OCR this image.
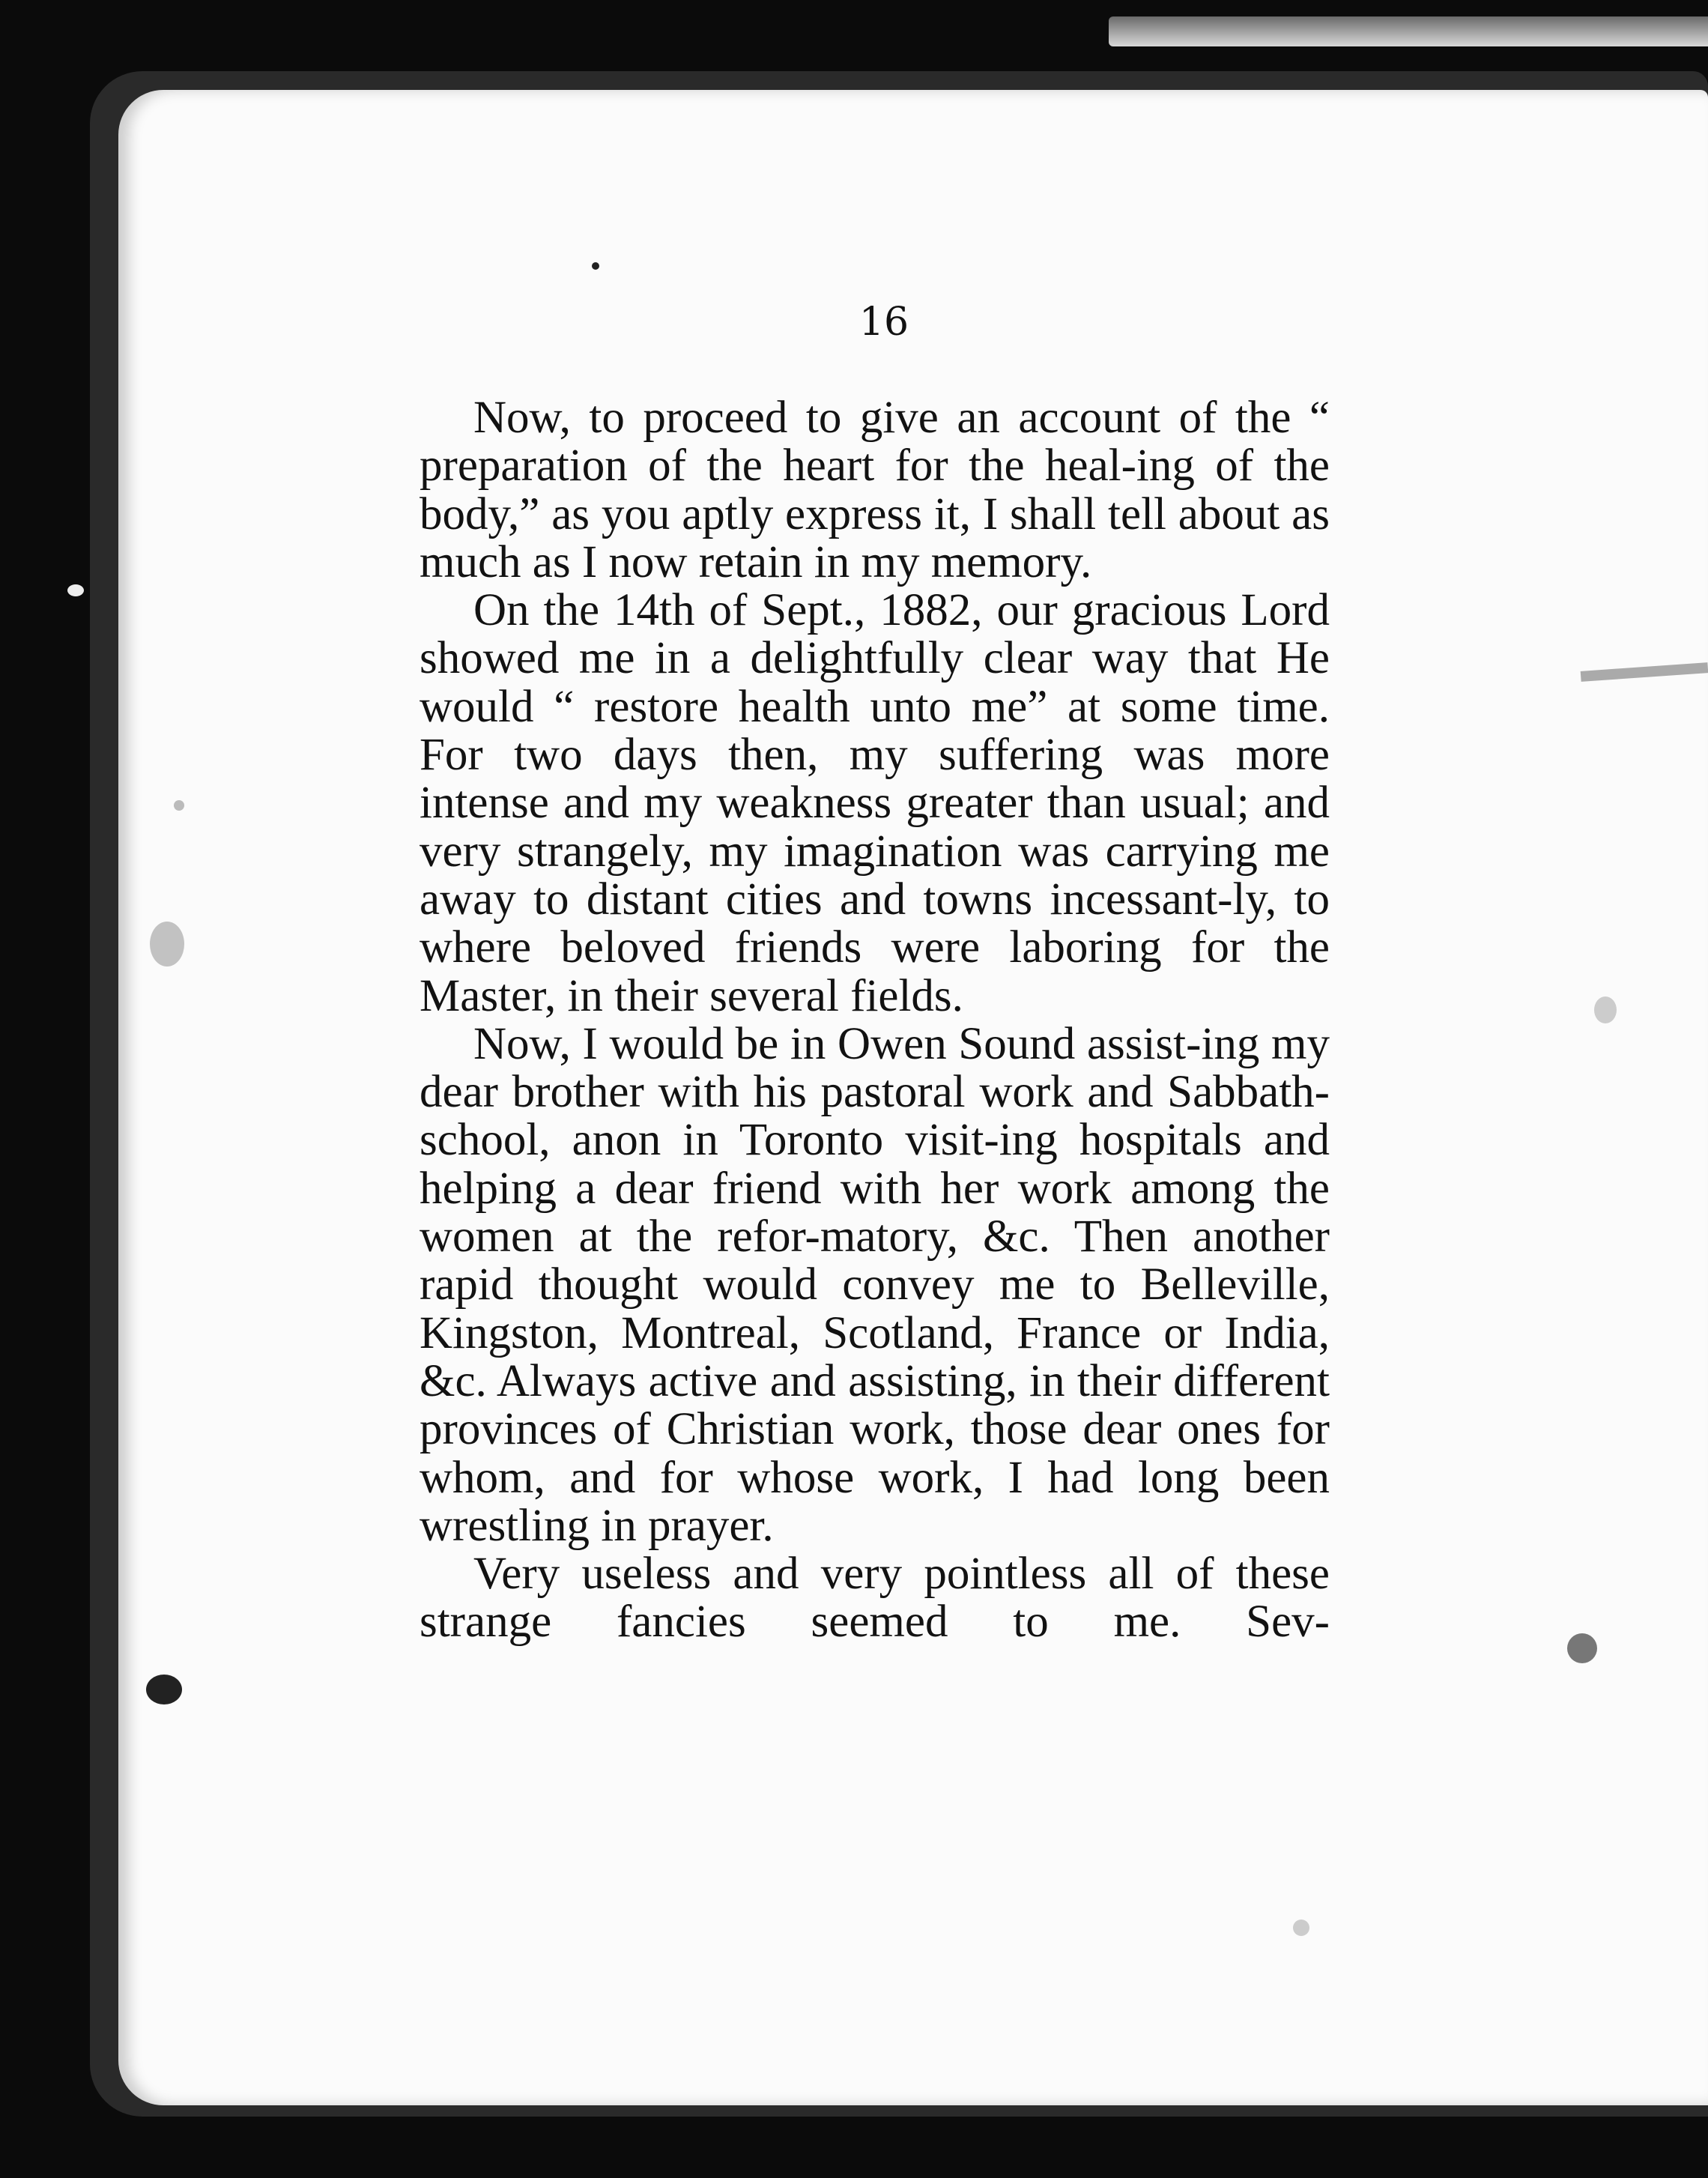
16

Now, to proceed to give an account of the “ preparation of the heart for the heal-ing of the body,” as you aptly express it, I shall tell about as much as I now retain in my memory.

On the 14th of Sept., 1882, our gracious Lord showed me in a delightfully clear way that He would “ restore health unto me” at some time. For two days then, my suffering was more intense and my weakness greater than usual; and very strangely, my imagination was carrying me away to distant cities and towns incessant-ly, to where beloved friends were laboring for the Master, in their several fields.

Now, I would be in Owen Sound assist-ing my dear brother with his pastoral work and Sabbath-school, anon in Toronto visit-ing hospitals and helping a dear friend with her work among the women at the refor-matory, &c. Then another rapid thought would convey me to Belleville, Kingston, Montreal, Scotland, France or India, &c. Always active and assisting, in their different provinces of Christian work, those dear ones for whom, and for whose work, I had long been wrestling in prayer.

Very useless and very pointless all of these strange fancies seemed to me. Sev-
